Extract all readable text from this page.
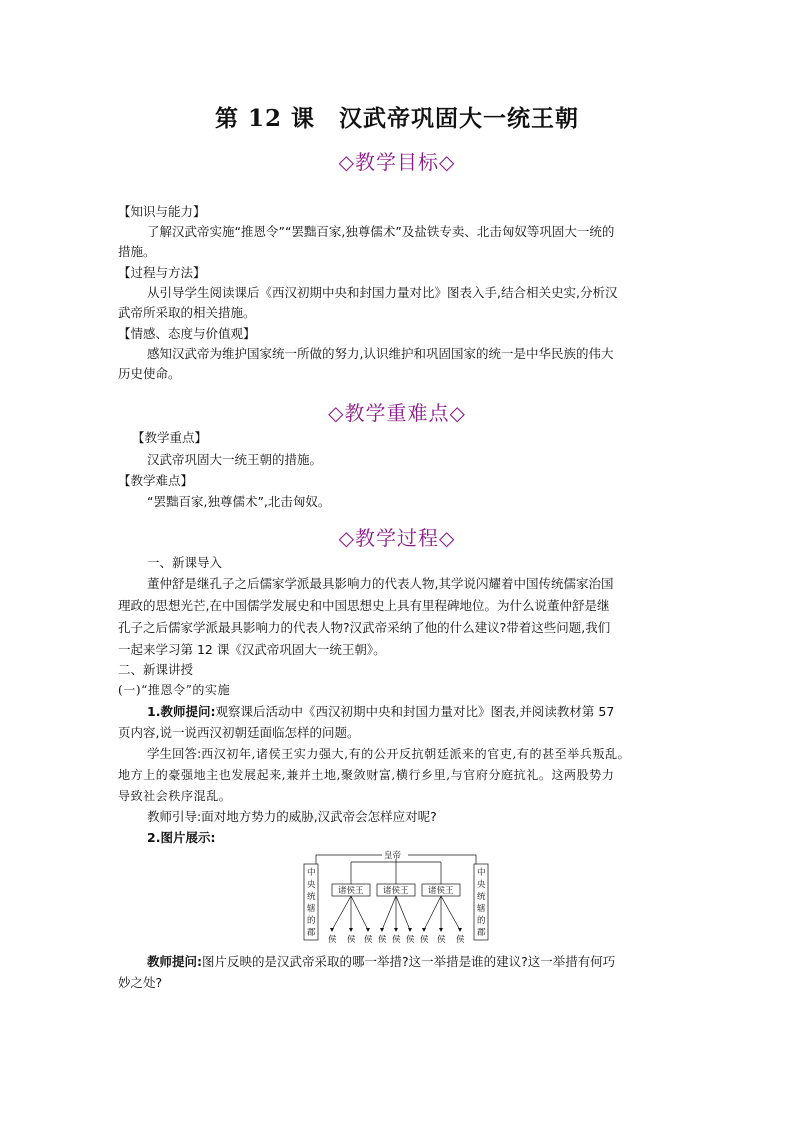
第 12 课　汉武帝巩固大一统王朝
◇教学目标◇
【知识与能力】
了解汉武帝实施“推恩令”“罢黜百家,独尊儒术”及盐铁专卖、北击匈奴等巩固大一统的
措施。
【过程与方法】
从引导学生阅读课后《西汉初期中央和封国力量对比》图表入手,结合相关史实,分析汉
武帝所采取的相关措施。
【情感、态度与价值观】
感知汉武帝为维护国家统一所做的努力,认识维护和巩固国家的统一是中华民族的伟大
历史使命。
◇教学重难点◇
【教学重点】
汉武帝巩固大一统王朝的措施。
【教学难点】
“罢黜百家,独尊儒术”,北击匈奴。
◇教学过程◇
一、新课导入
董仲舒是继孔子之后儒家学派最具影响力的代表人物,其学说闪耀着中国传统儒家治国
理政的思想光芒,在中国儒学发展史和中国思想史上具有里程碑地位。为什么说董仲舒是继
孔子之后儒家学派最具影响力的代表人物?汉武帝采纳了他的什么建议?带着这些问题,我们
一起来学习第 12 课《汉武帝巩固大一统王朝》。
二、新课讲授
(一)“推恩令”的实施
1.教师提问:观察课后活动中《西汉初期中央和封国力量对比》图表,并阅读教材第 57
页内容,说一说西汉初朝廷面临怎样的问题。
学生回答:西汉初年,诸侯王实力强大,有的公开反抗朝廷派来的官吏,有的甚至举兵叛乱。
地方上的豪强地主也发展起来,兼并土地,聚敛财富,横行乡里,与官府分庭抗礼。这两股势力
导致社会秩序混乱。
教师引导:面对地方势力的威胁,汉武帝会怎样应对呢?
2.图片展示:
皇帝
中
央
统
辖
的
郡
中
央
统
辖
的
郡
诸侯王 诸侯王 诸侯王
侯 侯 侯 侯 侯 侯 侯 侯 侯
教师提问:图片反映的是汉武帝采取的哪一举措?这一举措是谁的建议?这一举措有何巧
妙之处?
